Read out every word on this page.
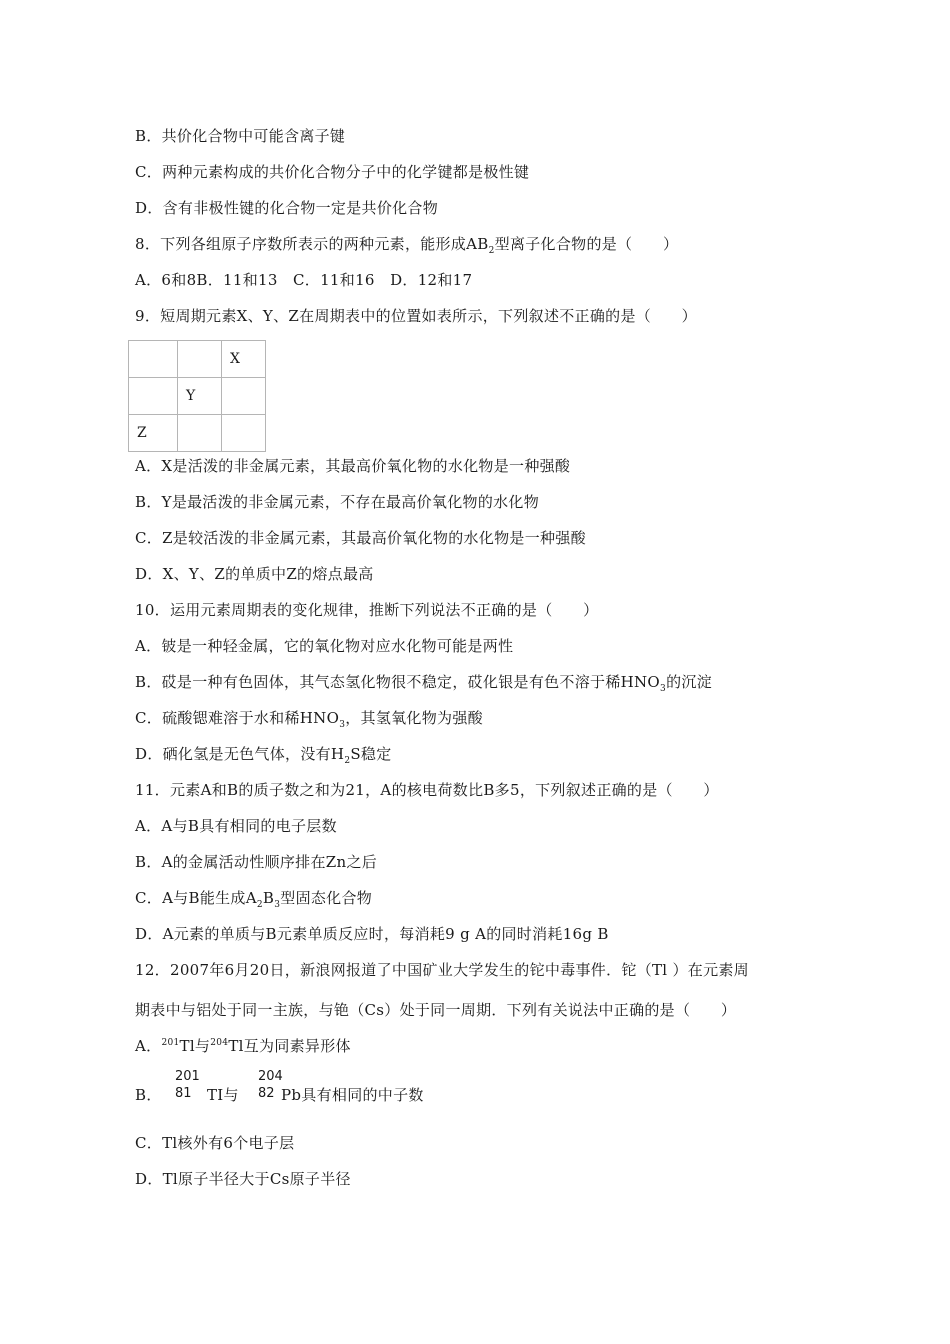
B．共价化合物中可能含离子键
C．两种元素构成的共价化合物分子中的化学键都是极性键
D．含有非极性键的化合物一定是共价化合物
8．下列各组原子序数所表示的两种元素，能形成$AB_2$型离子化合物的是（　　）
A．6和8B．11和13　C．11和16　D．12和17
9．短周期元素X、Y、Z在周期表中的位置如表所示，下列叙述不正确的是（　　）
		X
	Y	
Z		
A．X是活泼的非金属元素，其最高价氧化物的水化物是一种强酸
B．Y是最活泼的非金属元素，不存在最高价氧化物的水化物
C．Z是较活泼的非金属元素，其最高价氧化物的水化物是一种强酸
D．X、Y、Z的单质中Z的熔点最高
10．运用元素周期表的变化规律，推断下列说法不正确的是（　　）
A．铍是一种轻金属，它的氧化物对应水化物可能是两性
B．砹是一种有色固体，其气态氢化物很不稳定，砹化银是有色不溶于稀$HNO_3$的沉淀
C．硫酸锶难溶于水和稀$HNO_3$，其氢氧化物为强酸
D．硒化氢是无色气体，没有$H_2S$稳定
11．元素A和B的质子数之和为21，A的核电荷数比B多5，下列叙述正确的是（　　）
A．A与B具有相同的电子层数
B．A的金属活动性顺序排在Zn之后
C．A与B能生成$A_2B_3$型固态化合物
D．A元素的单质与B元素单质反应时，每消耗9 g A的同时消耗16g B
12．2007年6月20日，新浪网报道了中国矿业大学发生的铊中毒事件．铊（Tl ）在元素周
期表中与铝处于同一主族，与铯（Cs）处于同一周期．下列有关说法中正确的是（　　）
A．$^{201}$Tl与$^{204}$Tl互为同素异形体
B．
201
81 TI与
204
82 Pb具有相同的中子数
C．Tl核外有6个电子层
D．Tl原子半径大于Cs原子半径
